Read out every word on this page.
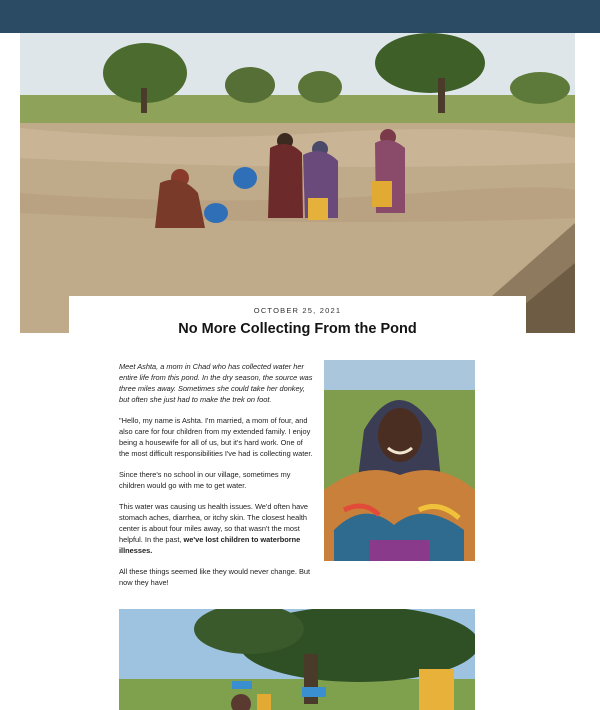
OCTOBER 25, 2021
No More Collecting From the Pond

Meet Ashta, a mom in Chad who has collected water her entire life from this pond. In the dry season, the source was three miles away. Sometimes she could take her donkey, but often she just had to make the trek on foot.

"Hello, my name is Ashta. I'm married, a mom of four, and also care for four children from my extended family. I enjoy being a housewife for all of us, but it's hard work. One of the most difficult responsibilities I've had is collecting water.

Since there's no school in our village, sometimes my children would go with me to get water.

This water was causing us health issues. We'd often have stomach aches, diarrhea, or itchy skin. The closest health center is about four miles away, so that wasn't the most helpful. In the past, we've lost children to waterborne illnesses.

All these things seemed like they would never change. But now they have!
